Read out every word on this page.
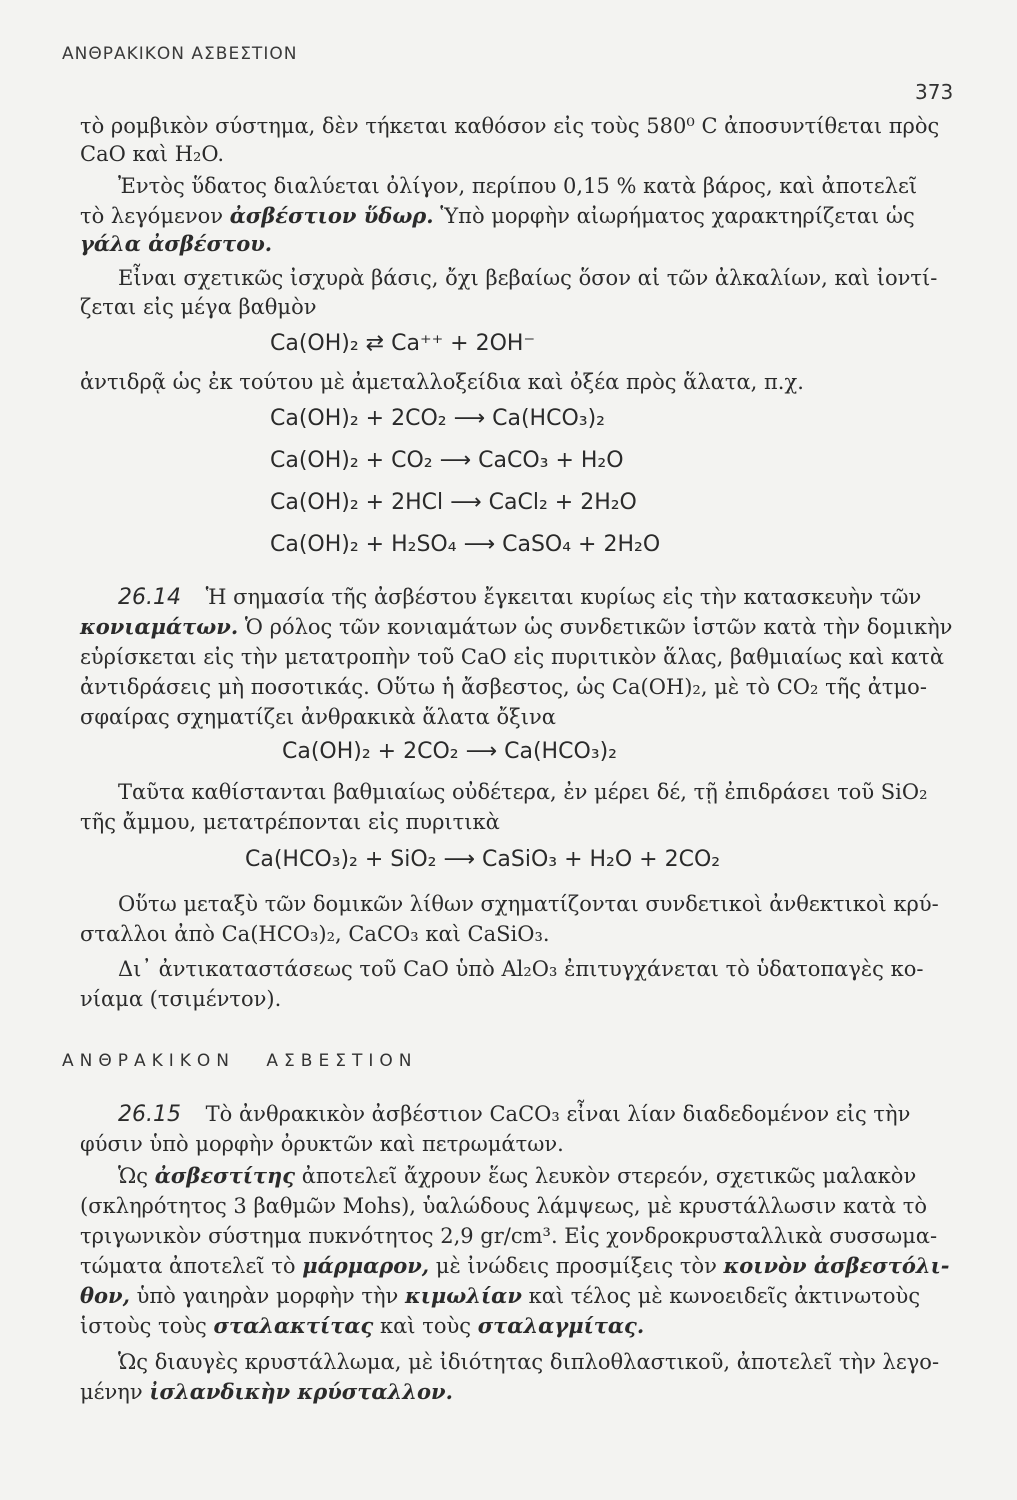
ΑΝΘΡΑΚΙΚΟΝ ΑΣΒΕΣΤΙΟΝ
373
τὸ ρομβικὸν σύστημα, δὲν τήκεται καθόσον εἰς τοὺς 580⁰ C ἀποσυντίθεται πρὸς
CaO καὶ H₂O.
Ἐντὸς ὕδατος διαλύεται ὀλίγον, περίπου 0,15 % κατὰ βάρος, καὶ ἀποτελεῖ
τὸ λεγόμενον ἀσβέστιον ὕδωρ. Ὑπὸ μορφὴν αἰωρήματος χαρακτηρίζεται ὡς
γάλα ἀσβέστου.
Εἶναι σχετικῶς ἰσχυρὰ βάσις, ὄχι βεβαίως ὅσον αἱ τῶν ἀλκαλίων, καὶ ἰοντί-
ζεται εἰς μέγα βαθμὸν
Ca(OH)₂ ⇄ Ca⁺⁺ + 2OH⁻
ἀντιδρᾷ ὡς ἐκ τούτου μὲ ἀμεταλλοξείδια καὶ ὀξέα πρὸς ἅλατα, π.χ.
Ca(OH)₂ + 2CO₂ ⟶ Ca(HCO₃)₂
Ca(OH)₂ + CO₂ ⟶ CaCO₃ + H₂O
Ca(OH)₂ + 2HCl ⟶ CaCl₂ + 2H₂O
Ca(OH)₂ + H₂SO₄ ⟶ CaSO₄ + 2H₂O
26.14 Ἡ σημασία τῆς ἀσβέστου ἔγκειται κυρίως εἰς τὴν κατασκευὴν τῶν
κονιαμάτων. Ὁ ρόλος τῶν κονιαμάτων ὡς συνδετικῶν ἱστῶν κατὰ τὴν δομικὴν
εὑρίσκεται εἰς τὴν μετατροπὴν τοῦ CaO εἰς πυριτικὸν ἅλας, βαθμιαίως καὶ κατὰ
ἀντιδράσεις μὴ ποσοτικάς. Οὕτω ἡ ἄσβεστος, ὡς Ca(OH)₂, μὲ τὸ CO₂ τῆς ἀτμο-
σφαίρας σχηματίζει ἀνθρακικὰ ἅλατα ὄξινα
Ca(OH)₂ + 2CO₂ ⟶ Ca(HCO₃)₂
Ταῦτα καθίστανται βαθμιαίως οὐδέτερα, ἐν μέρει δέ, τῇ ἐπιδράσει τοῦ SiO₂
τῆς ἄμμου, μετατρέπονται εἰς πυριτικὰ
Ca(HCO₃)₂ + SiO₂ ⟶ CaSiO₃ + H₂O + 2CO₂
Οὕτω μεταξὺ τῶν δομικῶν λίθων σχηματίζονται συνδετικοὶ ἀνθεκτικοὶ κρύ-
σταλλοι ἀπὸ Ca(HCO₃)₂, CaCO₃ καὶ CaSiO₃.
Δι᾽ ἀντικαταστάσεως τοῦ CaO ὑπὸ Al₂O₃ ἐπιτυγχάνεται τὸ ὑδατοπαγὲς κο-
νίαμα (τσιμέντον).
ΑΝΘΡΑΚΙΚΟΝ ΑΣΒΕΣΤΙΟΝ
26.15 Τὸ ἀνθρακικὸν ἀσβέστιον CaCO₃ εἶναι λίαν διαδεδομένον εἰς τὴν
φύσιν ὑπὸ μορφὴν ὀρυκτῶν καὶ πετρωμάτων.
Ὡς ἀσβεστίτης ἀποτελεῖ ἄχρουν ἕως λευκὸν στερεόν, σχετικῶς μαλακὸν
(σκληρότητος 3 βαθμῶν Mohs), ὑαλώδους λάμψεως, μὲ κρυστάλλωσιν κατὰ τὸ
τριγωνικὸν σύστημα πυκνότητος 2,9 gr/cm³. Εἰς χονδροκρυσταλλικὰ συσσωμα-
τώματα ἀποτελεῖ τὸ μάρμαρον, μὲ ἰνώδεις προσμίξεις τὸν κοινὸν ἀσβεστόλι-
θον, ὑπὸ γαιηρὰν μορφὴν τὴν κιμωλίαν καὶ τέλος μὲ κωνοειδεῖς ἀκτινωτοὺς
ἱστοὺς τοὺς σταλακτίτας καὶ τοὺς σταλαγμίτας.
Ὡς διαυγὲς κρυστάλλωμα, μὲ ἰδιότητας διπλοθλαστικοῦ, ἀποτελεῖ τὴν λεγο-
μένην ἰσλανδικὴν κρύσταλλον.
